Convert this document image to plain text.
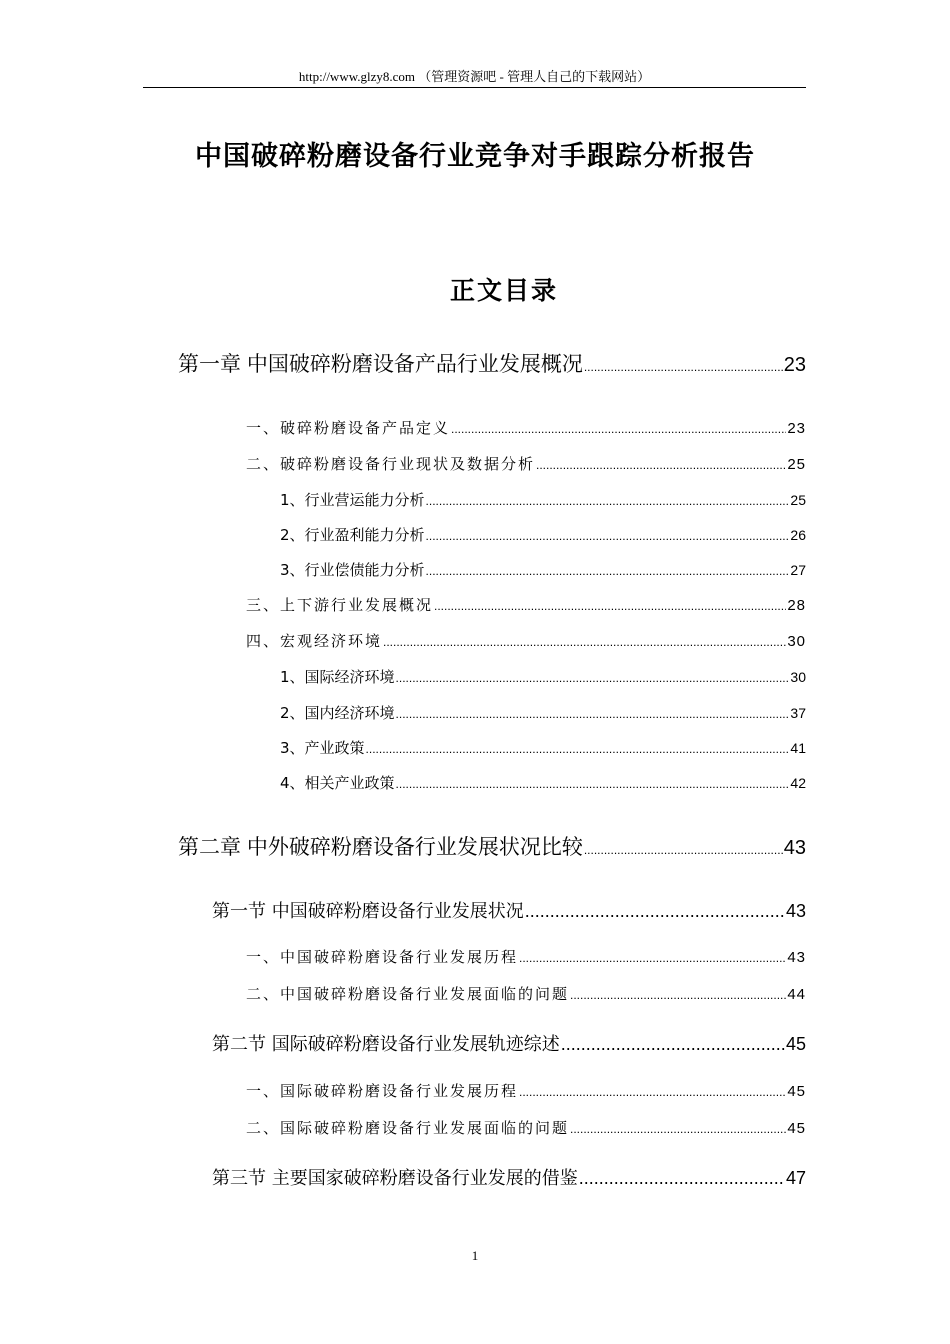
http://www.glzy8.com （管理资源吧 - 管理人自己的下载网站）
中国破碎粉磨设备行业竞争对手跟踪分析报告
正文目录
第一章 中国破碎粉磨设备产品行业发展概况 .....	23
一、破碎粉磨设备产品定义 .....	23
二、破碎粉磨设备行业现状及数据分析 .....	25
1、行业营运能力分析 .....	25
2、行业盈利能力分析 .....	26
3、行业偿债能力分析 .....	27
三、上下游行业发展概况 .....	28
四、宏观经济环境 .....	30
1、国际经济环境 .....	30
2、国内经济环境 .....	37
3、产业政策 .....	41
4、相关产业政策 .....	42
第二章 中外破碎粉磨设备行业发展状况比较 .....	43
第一节 中国破碎粉磨设备行业发展状况 .....	43
一、中国破碎粉磨设备行业发展历程 .....	43
二、中国破碎粉磨设备行业发展面临的问题 .....	44
第二节 国际破碎粉磨设备行业发展轨迹综述 .....	45
一、国际破碎粉磨设备行业发展历程 .....	45
二、国际破碎粉磨设备行业发展面临的问题 .....	45
第三节 主要国家破碎粉磨设备行业发展的借鉴 .....	47
1
